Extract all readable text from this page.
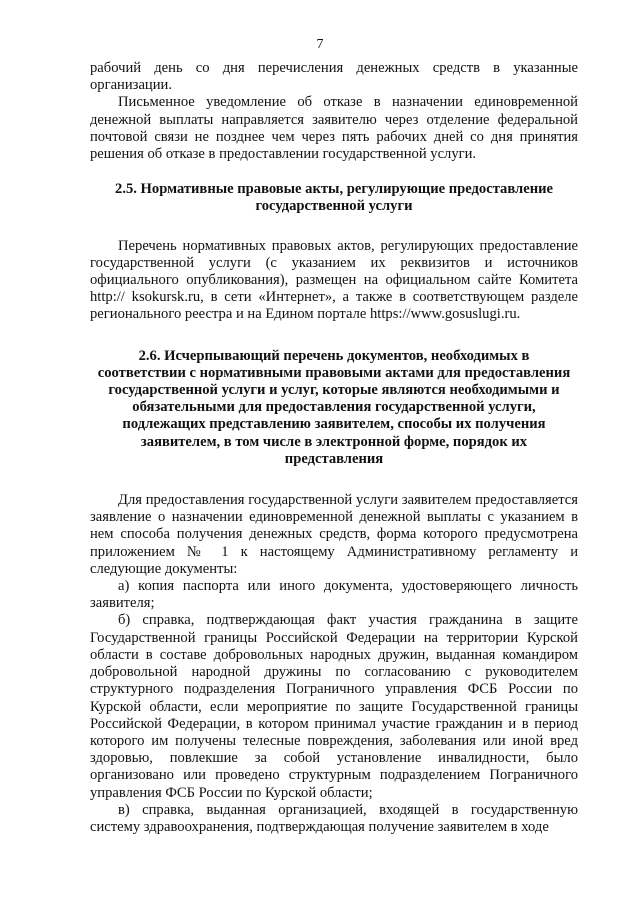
7

рабочий день со дня перечисления денежных средств в указанные организации.

Письменное уведомление об отказе в назначении единовременной денежной выплаты направляется заявителю через отделение федеральной почтовой связи не позднее чем через пять рабочих дней со дня принятия решения об отказе в предоставлении государственной услуги.

2.5. Нормативные правовые акты, регулирующие предоставление государственной услуги

Перечень нормативных правовых актов, регулирующих предоставление государственной услуги (с указанием их реквизитов и источников официального опубликования), размещен на официальном сайте Комитета http:// ksokursk.ru, в сети «Интернет», а также в соответствующем разделе регионального реестра и на Едином портале https://www.gosuslugi.ru.

2.6. Исчерпывающий перечень документов, необходимых в соответствии с нормативными правовыми актами для предоставления государственной услуги и услуг, которые являются необходимыми и обязательными для предоставления государственной услуги, подлежащих представлению заявителем, способы их получения заявителем, в том числе в электронной форме, порядок их представления

Для предоставления государственной услуги заявителем предоставляется заявление о назначении единовременной денежной выплаты с указанием в нем способа получения денежных средств, форма которого предусмотрена приложением № 1 к настоящему Административному регламенту и следующие документы:

а) копия паспорта или иного документа, удостоверяющего личность заявителя;

б) справка, подтверждающая факт участия гражданина в защите Государственной границы Российской Федерации на территории Курской области в составе добровольных народных дружин, выданная командиром добровольной народной дружины по согласованию с руководителем структурного подразделения Пограничного управления ФСБ России по Курской области, если мероприятие по защите Государственной границы Российской Федерации, в котором принимал участие гражданин и в период которого им получены телесные повреждения, заболевания или иной вред здоровью, повлекшие за собой установление инвалидности, было организовано или проведено структурным подразделением Пограничного управления ФСБ России по Курской области;

в) справка, выданная организацией, входящей в государственную систему здравоохранения, подтверждающая получение заявителем в ходе
